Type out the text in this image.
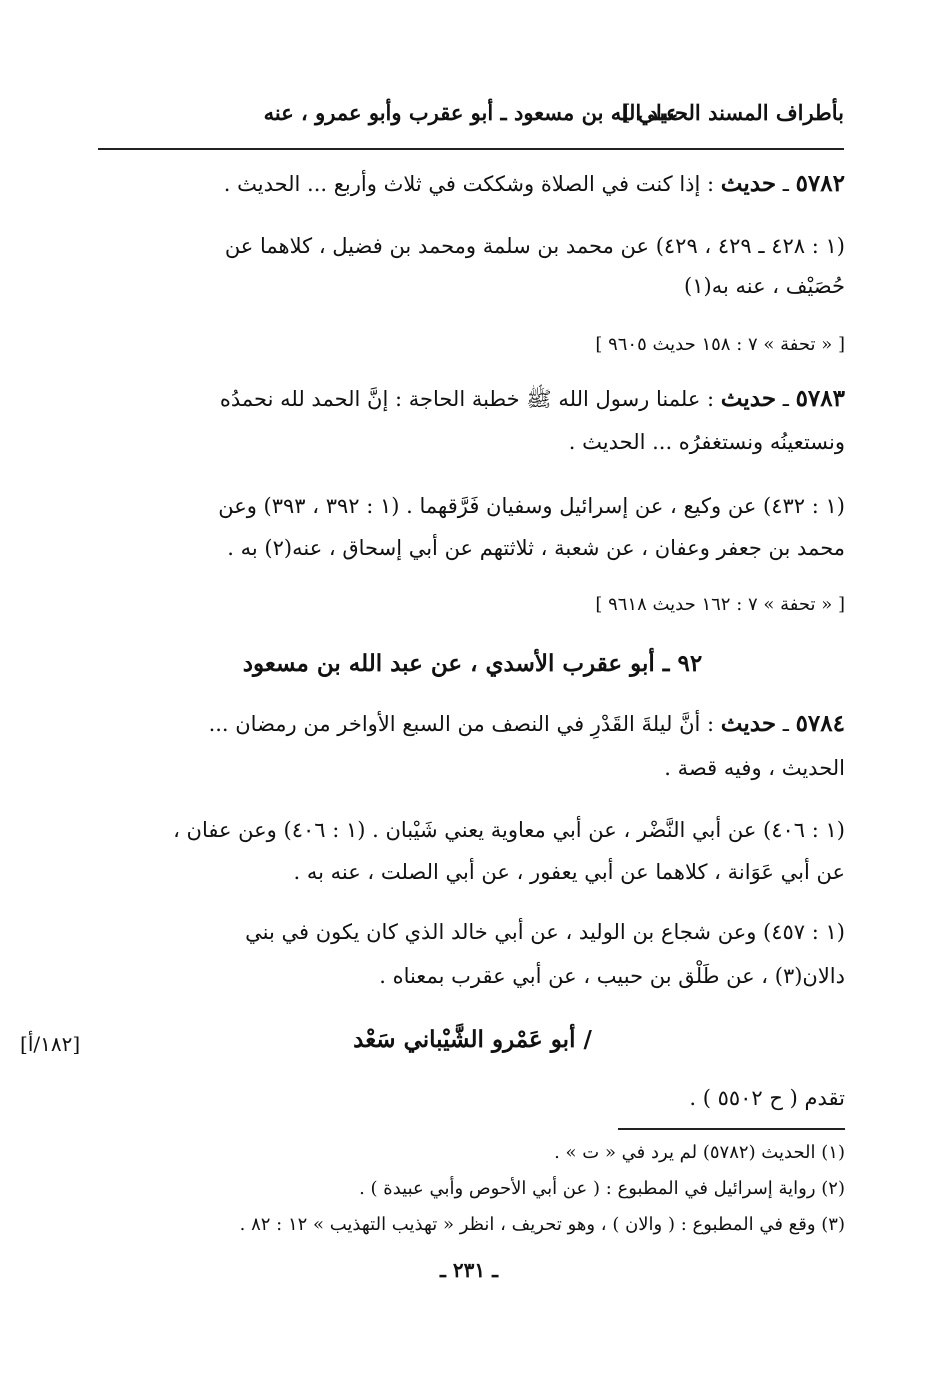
بأطراف المسند الحنبلي ]
عبد الله بن مسعود ـ أبو عقرب وأبو عمرو ، عنه
٥٧٨٢ ـ حديث : إذا كنت في الصلاة وشككت في ثلاث وأربع ... الحديث .
(١ : ٤٢٨ ـ ٤٢٩ ، ٤٢٩) عن محمد بن سلمة ومحمد بن فضيل ، كلاهما عن
حُصَيْف ، عنه به(١)
[ « تحفة » ٧ : ١٥٨ حديث ٩٦٠٥ ]
٥٧٨٣ ـ حديث : علمنا رسول الله ﷺ خطبة الحاجة : إنَّ الحمد لله نحمدُه
ونستعينُه ونستغفرُه ... الحديث .
(١ : ٤٣٢) عن وكيع ، عن إسرائيل وسفيان فَرَّقهما . (١ : ٣٩٢ ، ٣٩٣) وعن
محمد بن جعفر وعفان ، عن شعبة ، ثلاثتهم عن أبي إسحاق ، عنه(٢) به .
[ « تحفة » ٧ : ١٦٢ حديث ٩٦١٨ ]
٩٢ ـ أبو عقرب الأسدي ، عن عبد الله بن مسعود
٥٧٨٤ ـ حديث : أنَّ ليلةَ القَدْرِ في النصف من السبع الأواخر من رمضان ...
الحديث ، وفيه قصة .
(١ : ٤٠٦) عن أبي النَّضْر ، عن أبي معاوية يعني شَيْبان . (١ : ٤٠٦) وعن عفان ،
عن أبي عَوَانة ، كلاهما عن أبي يعفور ، عن أبي الصلت ، عنه به .
(١ : ٤٥٧) وعن شجاع بن الوليد ، عن أبي خالد الذي كان يكون في بني
دالان(٣) ، عن طَلْق بن حبيب ، عن أبي عقرب بمعناه .
/ أبو عَمْرو الشَّيْباني سَعْد
[١٨٢/أ]
تقدم ( ح ٥٥٠٢ ) .
(١) الحديث (٥٧٨٢) لم يرد في « ت » .
(٢) رواية إسرائيل في المطبوع : ( عن أبي الأحوص وأبي عبيدة ) .
(٣) وقع في المطبوع : ( والان ) ، وهو تحريف ، انظر « تهذيب التهذيب » ١٢ : ٨٢ .
ـ ٢٣١ ـ
